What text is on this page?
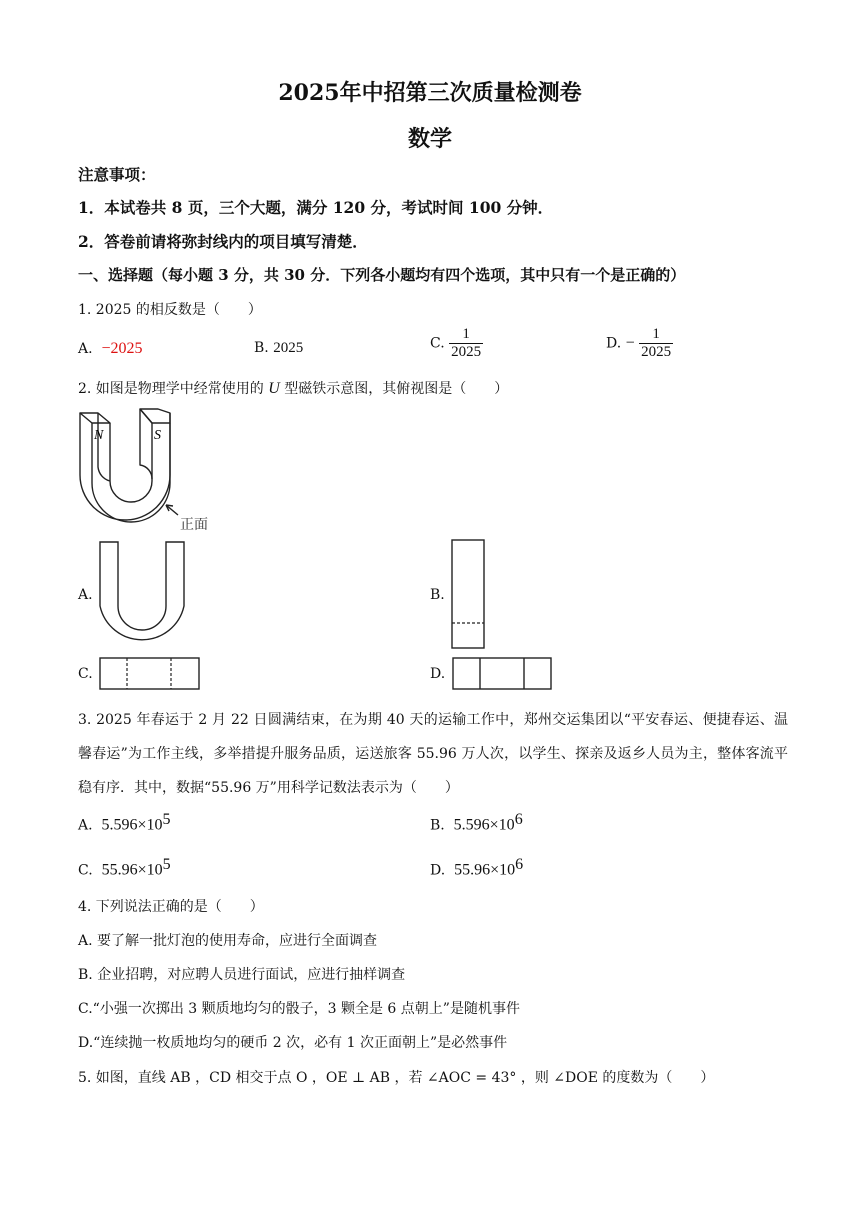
2025年中招第三次质量检测卷
数学
注意事项：
1．本试卷共 8 页，三个大题，满分 120 分，考试时间 100 分钟．
2．答卷前请将弥封线内的项目填写清楚．
一、选择题（每小题 3 分，共 30 分．下列各小题均有四个选项，其中只有一个是正确的）
1. 2025 的相反数是（　　）
A. −2025	B. 2025	C. $\frac{1}{2025}$	D. − $\frac{1}{2025}$
2. 如图是物理学中经常使用的 U 型磁铁示意图，其俯视图是（　　）
N	S
正面
A.	B.
C.	D.
3. 2025 年春运于 2 月 22 日圆满结束，在为期 40 天的运输工作中，郑州交运集团以“平安春运、便捷春运、温馨春运”为工作主线，多举措提升服务品质，运送旅客 55.96 万人次，以学生、探亲及返乡人员为主，整体客流平稳有序．其中，数据“55.96 万”用科学记数法表示为（　　）
A. $5.596\times 10^5$	B. $5.596\times 10^6$
C. $55.96\times 10^5$	D. $55.96\times 10^6$
4. 下列说法正确的是（　　）
A. 要了解一批灯泡的使用寿命，应进行全面调查
B. 企业招聘，对应聘人员进行面试，应进行抽样调查
C.“小强一次掷出 3 颗质地均匀的骰子，3 颗全是 6 点朝上”是随机事件
D.“连续抛一枚质地均匀的硬币 2 次，必有 1 次正面朝上”是必然事件
5. 如图，直线 AB ，CD 相交于点 O ，OE ⊥ AB ，若 ∠AOC = 43° ，则 ∠DOE 的度数为（　　）
